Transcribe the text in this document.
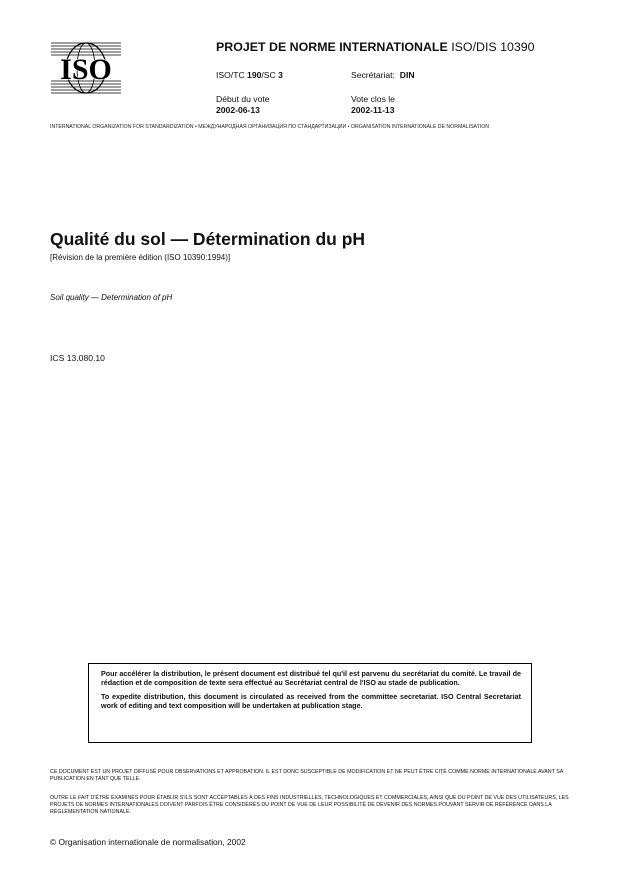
ISO
PROJET DE NORME INTERNATIONALE ISO/DIS 10390
ISO/TC 190/SC 3	Secrétariat: DIN
Début du vote
2002-06-13
Vote clos le
2002-11-13
INTERNATIONAL ORGANIZATION FOR STANDARDIZATION • МЕЖДУНАРОДНАЯ ОРГАНИЗАЦИЯ ПО СТАНДАРТИЗАЦИИ • ORGANISATION INTERNATIONALE DE NORMALISATION
Qualité du sol — Détermination du pH
[Révision de la première édition (ISO 10390:1994)]
Soil quality — Determination of pH
ICS 13.080.10

Pour accélérer la distribution, le présent document est distribué tel qu'il est parvenu du secrétariat du comité. Le travail de rédaction et de composition de texte sera effectué au Secrétariat central de l'ISO au stade de publication.

To expedite distribution, this document is circulated as received from the committee secretariat. ISO Central Secretariat work of editing and text composition will be undertaken at publication stage.

CE DOCUMENT EST UN PROJET DIFFUSÉ POUR OBSERVATIONS ET APPROBATION. IL EST DONC SUSCEPTIBLE DE MODIFICATION ET NE PEUT ÊTRE CITÉ COMME NORME INTERNATIONALE AVANT SA PUBLICATION EN TANT QUE TELLE.
OUTRE LE FAIT D'ÊTRE EXAMINÉS POUR ÉTABLIR S'ILS SONT ACCEPTABLES À DES FINS INDUSTRIELLES, TECHNOLOGIQUES ET COMMERCIALES, AINSI QUE DU POINT DE VUE DES UTILISATEURS, LES PROJETS DE NORMES INTERNATIONALES DOIVENT PARFOIS ÊTRE CONSIDÉRÉS DU POINT DE VUE DE LEUR POSSIBILITÉ DE DEVENIR DES NORMES POUVANT SERVIR DE RÉFÉRENCE DANS LA RÉGLEMENTATION NATIONALE.
© Organisation internationale de normalisation, 2002
